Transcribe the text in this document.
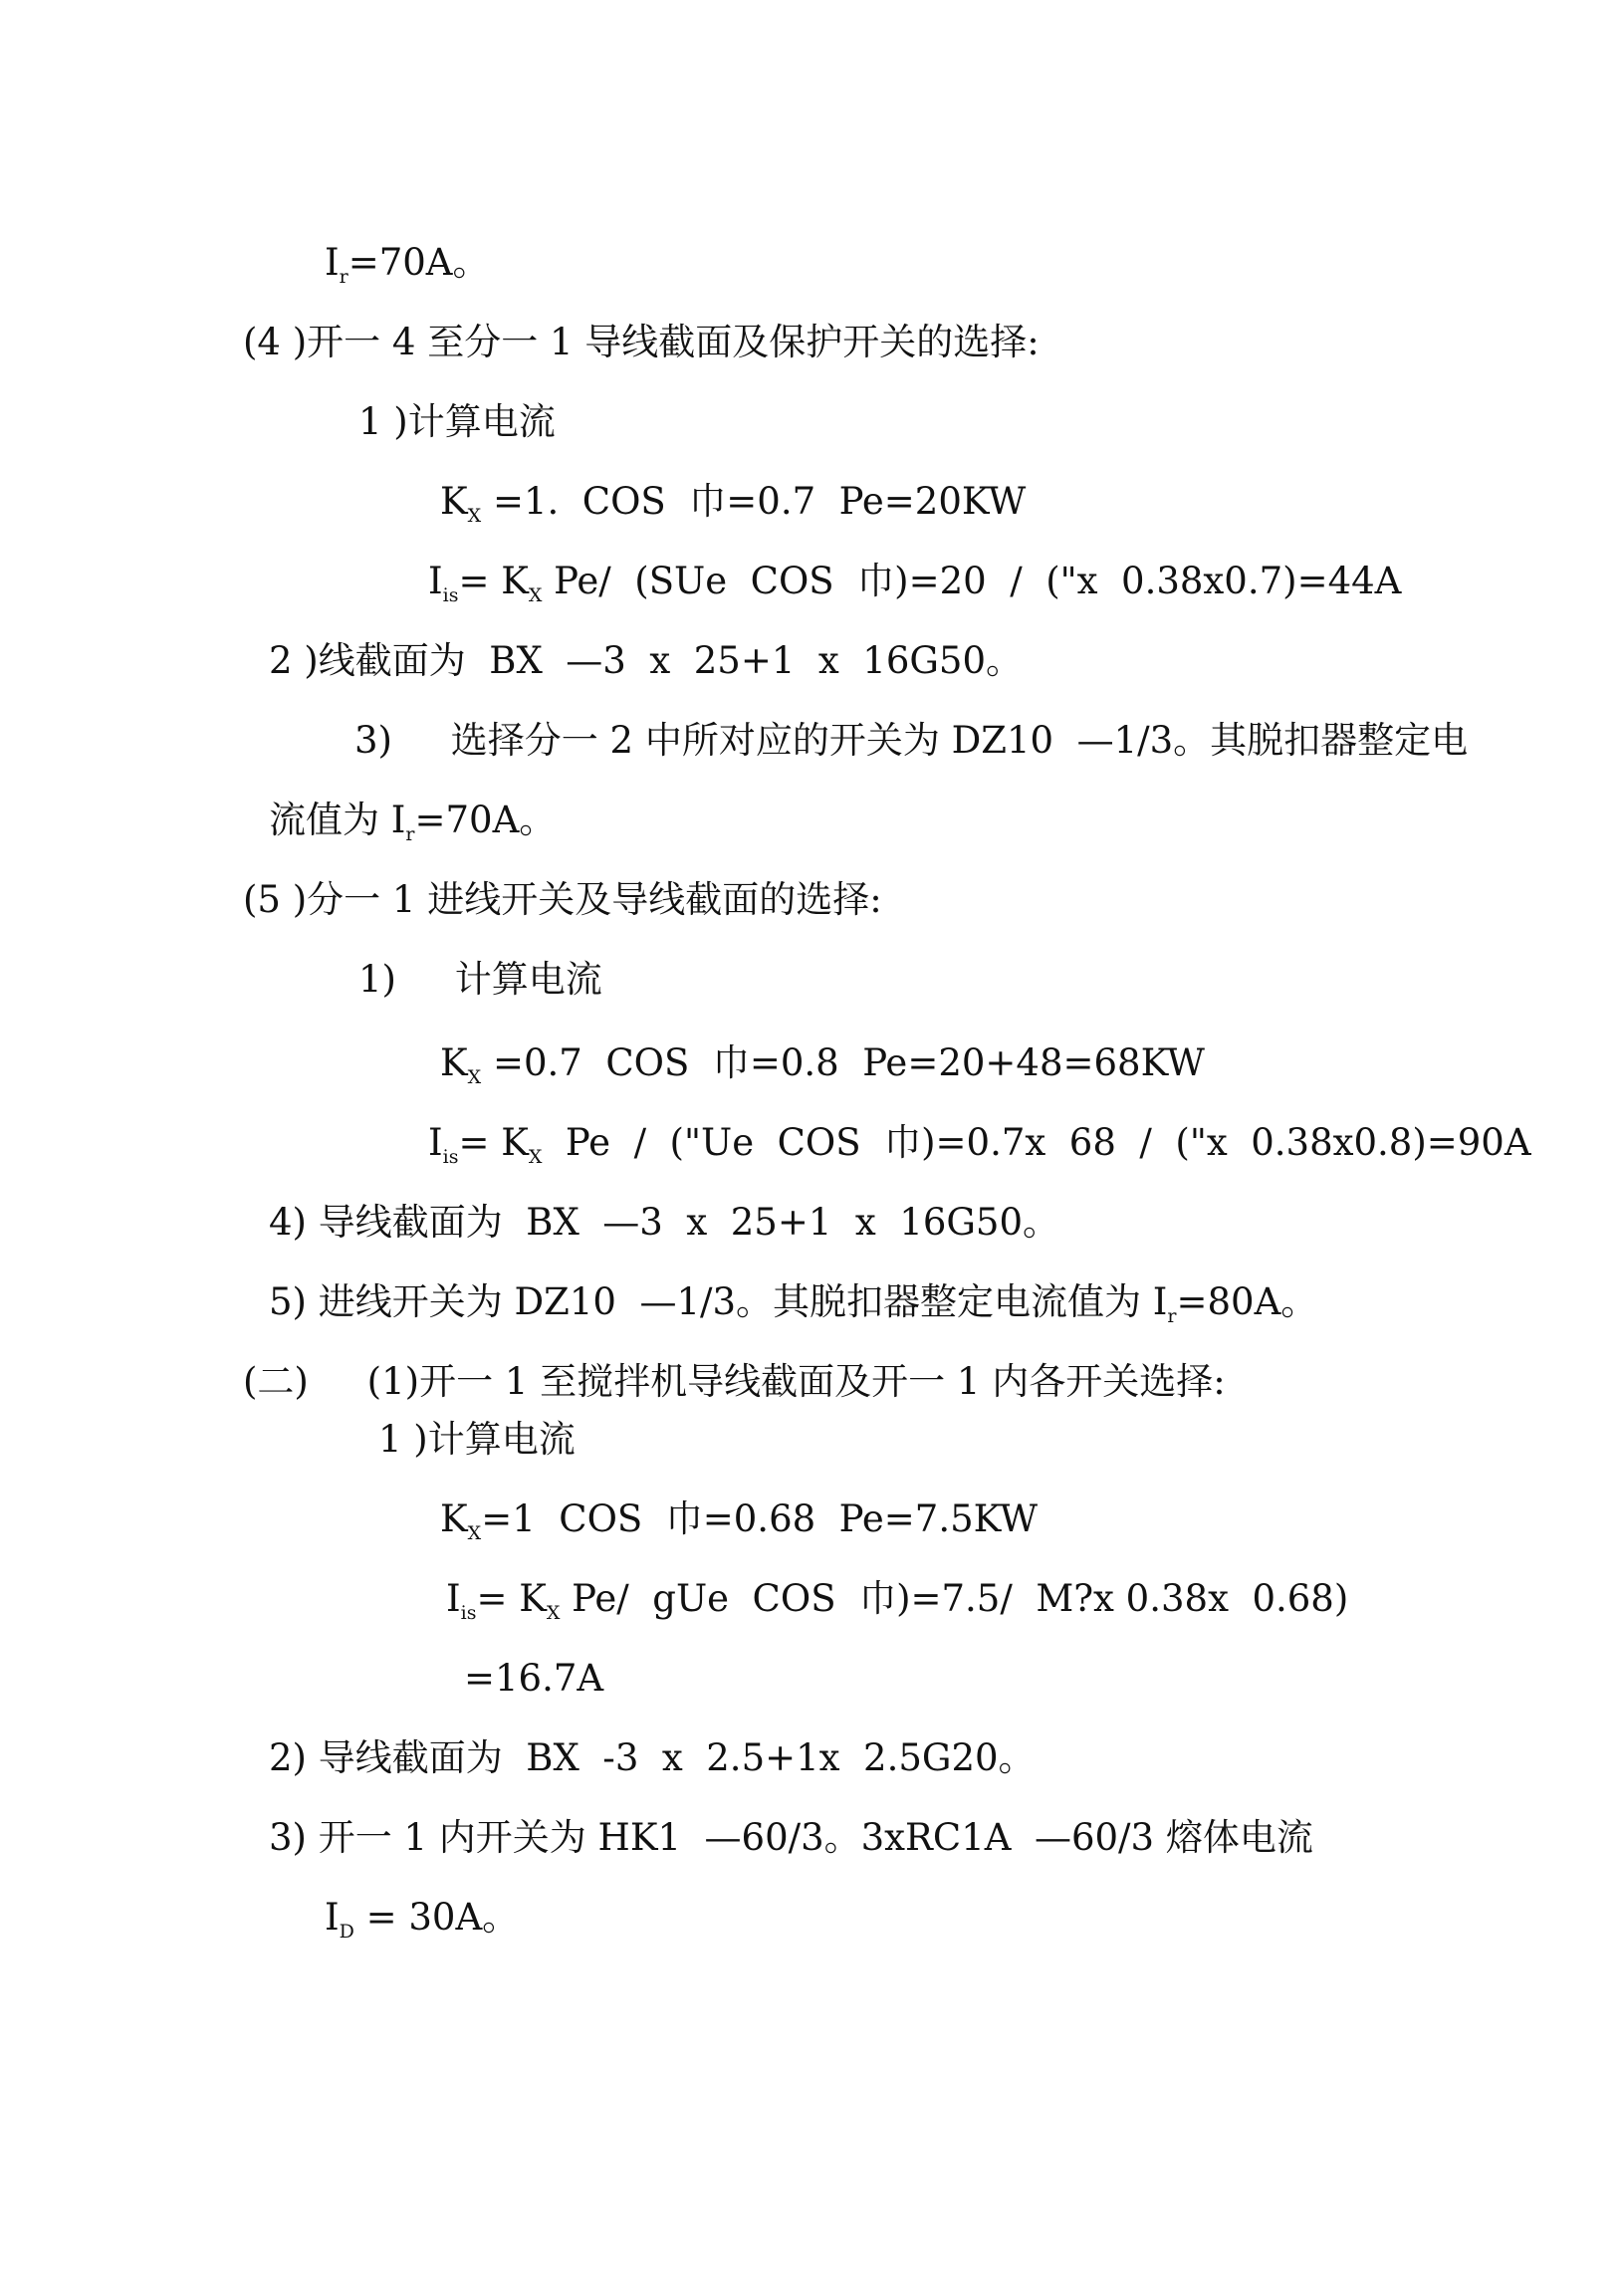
$I_r=70A$。
(4 )开一 4 至分一 1 导线截面及保护开关的选择:
1 )计算电流
$K_X =1$.  COS  巾=0.7  Pe=20KW
$I_{is}= K_X$ Pe/  (SUe  COS  巾)=20  /  ("x  0.38x0.7)=44A
2 )线截面为  BX  —3  x  25+1  x  16G50。
3)     选择分一 2 中所对应的开关为 DZ10  —1/3。其脱扣器整定电
流值为 $I_r=70A$。
(5 )分一 1 进线开关及导线截面的选择:
1)     计算电流
$K_X =0.7$  COS  巾=0.8  Pe=20+48=68KW
$I_{is}= K_X$  Pe  /  ("Ue  COS  巾)=0.7x  68  /  ("x  0.38x0.8)=90A
4) 导线截面为  BX  —3  x  25+1  x  16G50。
5) 进线开关为 DZ10  —1/3。其脱扣器整定电流值为 $I_r=80A$。
(二)     (1)开一 1 至搅拌机导线截面及开一 1 内各开关选择:
1 )计算电流
$K_X=1$  COS  巾=0.68  Pe=7.5KW
$I_{is}= K_X$ Pe/  gUe  COS  巾)=7.5/  M?x 0.38x  0.68)
=16.7A
2) 导线截面为  BX  -3  x  2.5+1x  2.5G20。
3) 开一 1 内开关为 HK1  —60/3。3xRC1A  —60/3 熔体电流
$I_D = 30A$。
